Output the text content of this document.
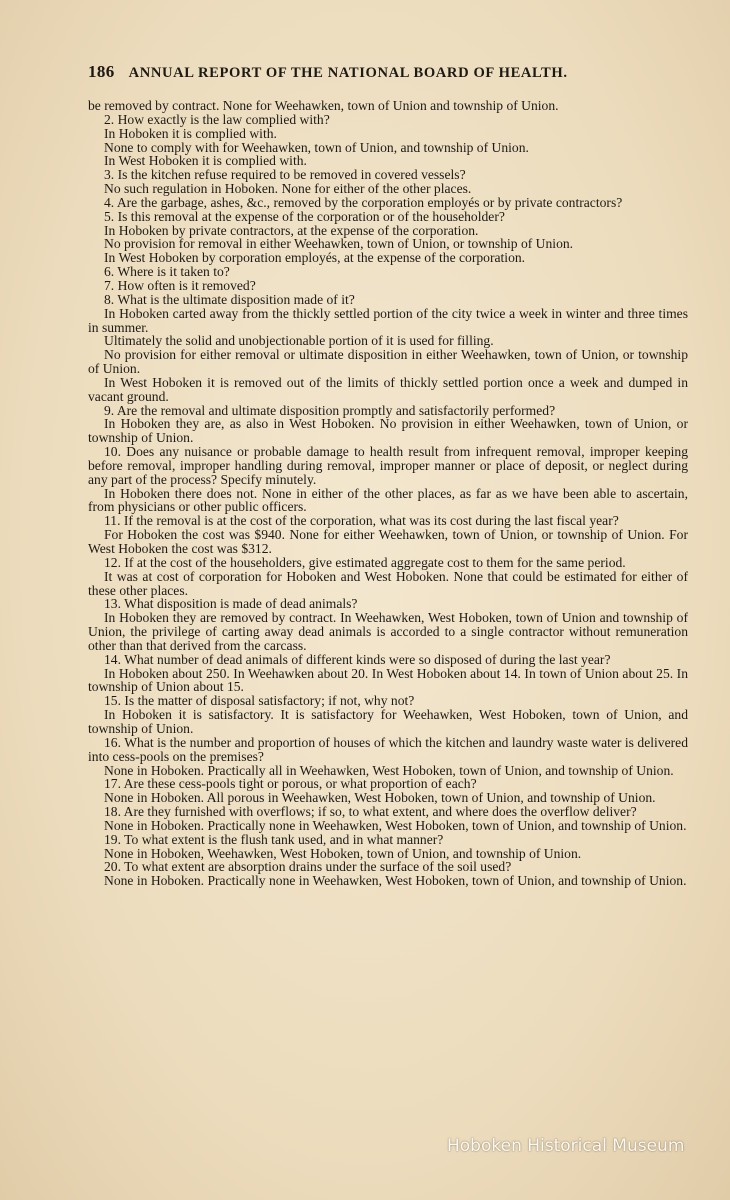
186 ANNUAL REPORT OF THE NATIONAL BOARD OF HEALTH.

be removed by contract. None for Weehawken, town of Union and township of Union.

2. How exactly is the law complied with?

In Hoboken it is complied with.

None to comply with for Weehawken, town of Union, and township of Union.

In West Hoboken it is complied with.

3. Is the kitchen refuse required to be removed in covered vessels?

No such regulation in Hoboken. None for either of the other places.

4. Are the garbage, ashes, &c., removed by the corporation employés or by private contractors?

5. Is this removal at the expense of the corporation or of the householder?

In Hoboken by private contractors, at the expense of the corporation.

No provision for removal in either Weehawken, town of Union, or township of Union.

In West Hoboken by corporation employés, at the expense of the corporation.

6. Where is it taken to?

7. How often is it removed?

8. What is the ultimate disposition made of it?

In Hoboken carted away from the thickly settled portion of the city twice a week in winter and three times in summer.

Ultimately the solid and unobjectionable portion of it is used for filling.

No provision for either removal or ultimate disposition in either Weehawken, town of Union, or township of Union.

In West Hoboken it is removed out of the limits of thickly settled portion once a week and dumped in vacant ground.

9. Are the removal and ultimate disposition promptly and satisfactorily performed?

In Hoboken they are, as also in West Hoboken. No provision in either Weehawken, town of Union, or township of Union.

10. Does any nuisance or probable damage to health result from infrequent removal, improper keeping before removal, improper handling during removal, improper manner or place of deposit, or neglect during any part of the process? Specify minutely.

In Hoboken there does not. None in either of the other places, as far as we have been able to ascertain, from physicians or other public officers.

11. If the removal is at the cost of the corporation, what was its cost during the last fiscal year?

For Hoboken the cost was $940. None for either Weehawken, town of Union, or township of Union. For West Hoboken the cost was $312.

12. If at the cost of the householders, give estimated aggregate cost to them for the same period.

It was at cost of corporation for Hoboken and West Hoboken. None that could be estimated for either of these other places.

13. What disposition is made of dead animals?

In Hoboken they are removed by contract. In Weehawken, West Hoboken, town of Union and township of Union, the privilege of carting away dead animals is accorded to a single contractor without remuneration other than that derived from the carcass.

14. What number of dead animals of different kinds were so disposed of during the last year?

In Hoboken about 250. In Weehawken about 20. In West Hoboken about 14. In town of Union about 25. In township of Union about 15.

15. Is the matter of disposal satisfactory; if not, why not?

In Hoboken it is satisfactory. It is satisfactory for Weehawken, West Hoboken, town of Union, and township of Union.

16. What is the number and proportion of houses of which the kitchen and laundry waste water is delivered into cess-pools on the premises?

None in Hoboken. Practically all in Weehawken, West Hoboken, town of Union, and township of Union.

17. Are these cess-pools tight or porous, or what proportion of each?

None in Hoboken. All porous in Weehawken, West Hoboken, town of Union, and township of Union.

18. Are they furnished with overflows; if so, to what extent, and where does the overflow deliver?

None in Hoboken. Practically none in Weehawken, West Hoboken, town of Union, and township of Union.

19. To what extent is the flush tank used, and in what manner?

None in Hoboken, Weehawken, West Hoboken, town of Union, and township of Union.

20. To what extent are absorption drains under the surface of the soil used?

None in Hoboken. Practically none in Weehawken, West Hoboken, town of Union, and township of Union.

Hoboken Historical Museum
